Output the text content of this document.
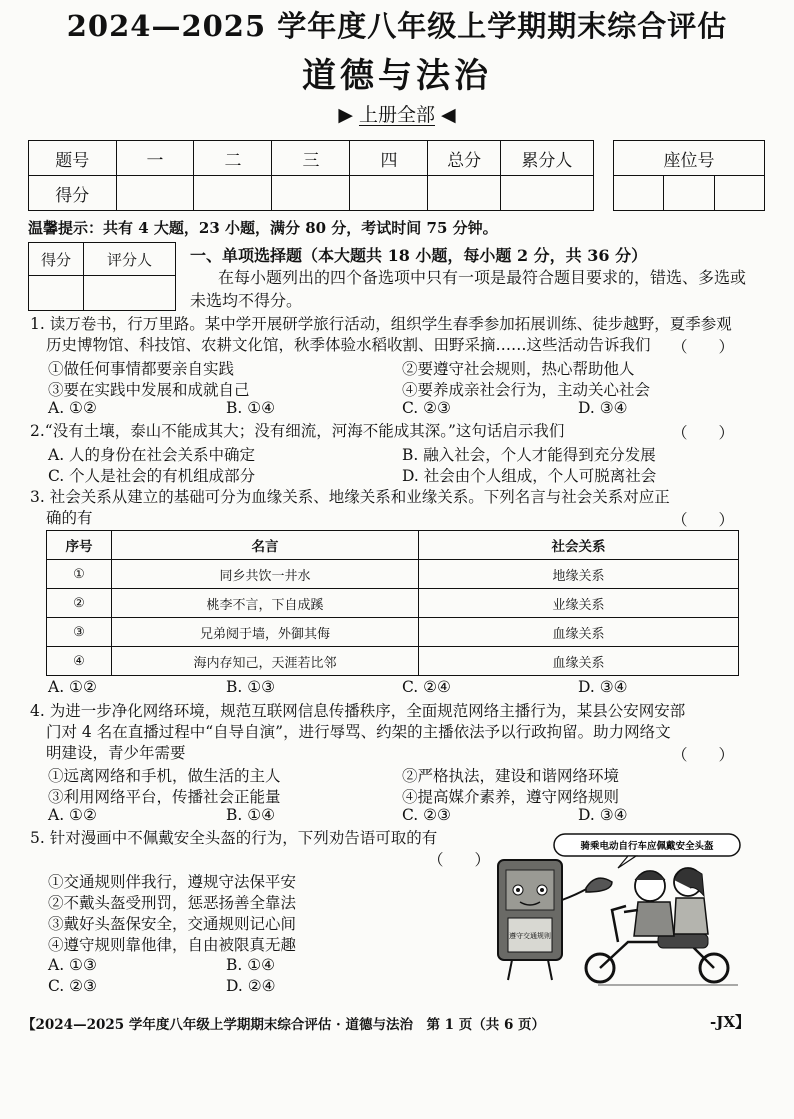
2024—2025 学年度八年级上学期期末综合评估
道德与法治
▶ 上册全部 ◀
题号	一	二	三	四	总分	累分人
得分						
座位号

温馨提示：共有 4 大题，23 小题，满分 80 分，考试时间 75 分钟。
得分	评分人
	一、单项选择题（本大题共 18 小题，每小题 2 分，共 36 分）
在每小题列出的四个备选项中只有一项是最符合题目要求的，错选、多选或未选均不得分。
1. 读万卷书，行万里路。某中学开展研学旅行活动，组织学生春季参加拓展训练、徒步越野，夏季参观
历史博物馆、科技馆、农耕文化馆，秋季体验水稻收割、田野采摘……这些活动告诉我们 （　　）
①做任何事情都要亲自实践	②要遵守社会规则，热心帮助他人
③要在实践中发展和成就自己	④要养成亲社会行为，主动关心社会
A. ①②	B. ①④	C. ②③	D. ③④
2.“没有土壤，泰山不能成其大；没有细流，河海不能成其深。”这句话启示我们	（　　）
A. 人的身份在社会关系中确定	B. 融入社会，个人才能得到充分发展
C. 个人是社会的有机组成部分	D. 社会由个人组成，个人可脱离社会
3. 社会关系从建立的基础可分为血缘关系、地缘关系和业缘关系。下列名言与社会关系对应正
确的有	（　　）
序号	名言	社会关系
①	同乡共饮一井水	地缘关系
②	桃李不言，下自成蹊	业缘关系
③	兄弟阋于墙，外御其侮	血缘关系
④	海内存知己，天涯若比邻	血缘关系
A. ①②	B. ①③	C. ②④	D. ③④
4. 为进一步净化网络环境，规范互联网信息传播秩序，全面规范网络主播行为，某县公安网安部
门对 4 名在直播过程中“自导自演”，进行辱骂、约架的主播依法予以行政拘留。助力网络文
明建设，青少年需要	（　　）
①远离网络和手机，做生活的主人	②严格执法，建设和谐网络环境
③利用网络平台，传播社会正能量	④提高媒介素养，遵守网络规则
A. ①②	B. ①④	C. ②③	D. ③④
5. 针对漫画中不佩戴安全头盔的行为，下列劝告语可取的有
（　　）
①交通规则伴我行，遵规守法保平安
②不戴头盔受刑罚，惩恶扬善全靠法
③戴好头盔保安全，交通规则记心间
④遵守规则靠他律，自由被限真无趣
A. ①③	B. ①④
C. ②③	D. ②④
骑乘电动自行车应佩戴安全头盔
遵守交通规则
【2024—2025 学年度八年级上学期期末综合评估 · 道德与法治　第 1 页（共 6 页）	-JX】
